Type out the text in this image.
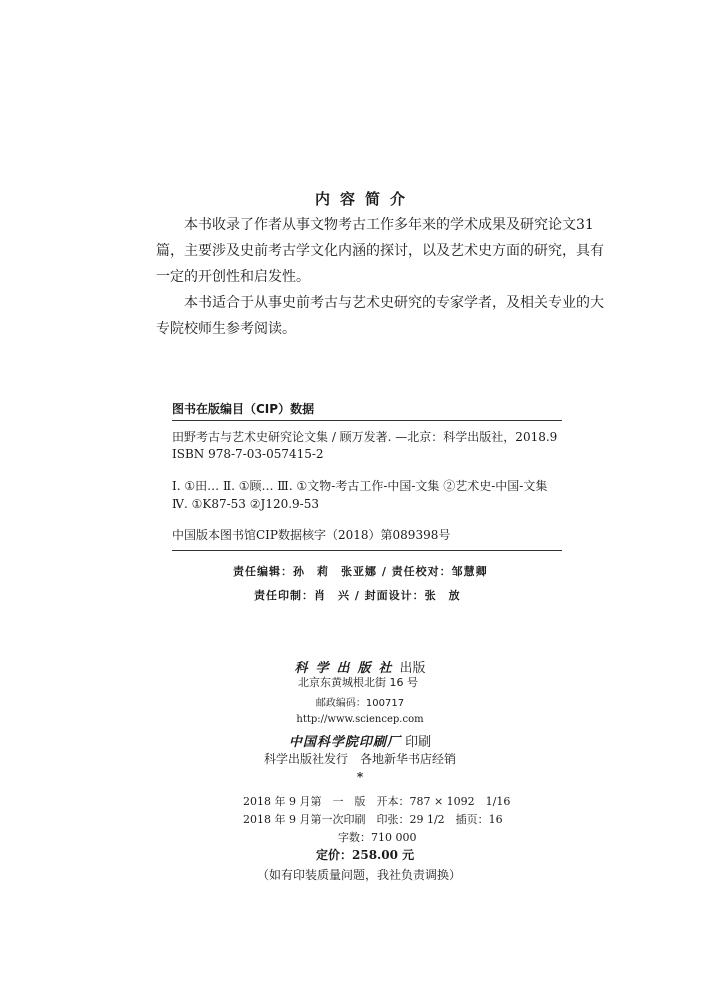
内容简介
本书收录了作者从事文物考古工作多年来的学术成果及研究论文31
篇，主要涉及史前考古学文化内涵的探讨，以及艺术史方面的研究，具有
一定的开创性和启发性。
本书适合于从事史前考古与艺术史研究的专家学者，及相关专业的大
专院校师生参考阅读。
图书在版编目（CIP）数据
田野考古与艺术史研究论文集 / 顾万发著. —北京：科学出版社，2018.9
ISBN 978-7-03-057415-2
Ⅰ. ①田… Ⅱ. ①顾… Ⅲ. ①文物-考古工作-中国-文集 ②艺术史-中国-文集
Ⅳ. ①K87-53 ②J120.9-53
中国版本图书馆CIP数据核字（2018）第089398号
责任编辑：孙　莉　张亚娜 / 责任校对：邹慧卿
责任印制：肖　兴 / 封面设计：张　放
科学出版社出版
北京东黄城根北街 16 号
邮政编码：100717
http://www.sciencep.com
中国科学院印刷厂 印刷
科学出版社发行　各地新华书店经销
*
2018 年 9 月第　一　版　开本：787 × 1092　1/16
2018 年 9 月第一次印刷　印张：29 1/2　插页：16
字数：710 000
定价：258.00 元
（如有印装质量问题，我社负责调换）
